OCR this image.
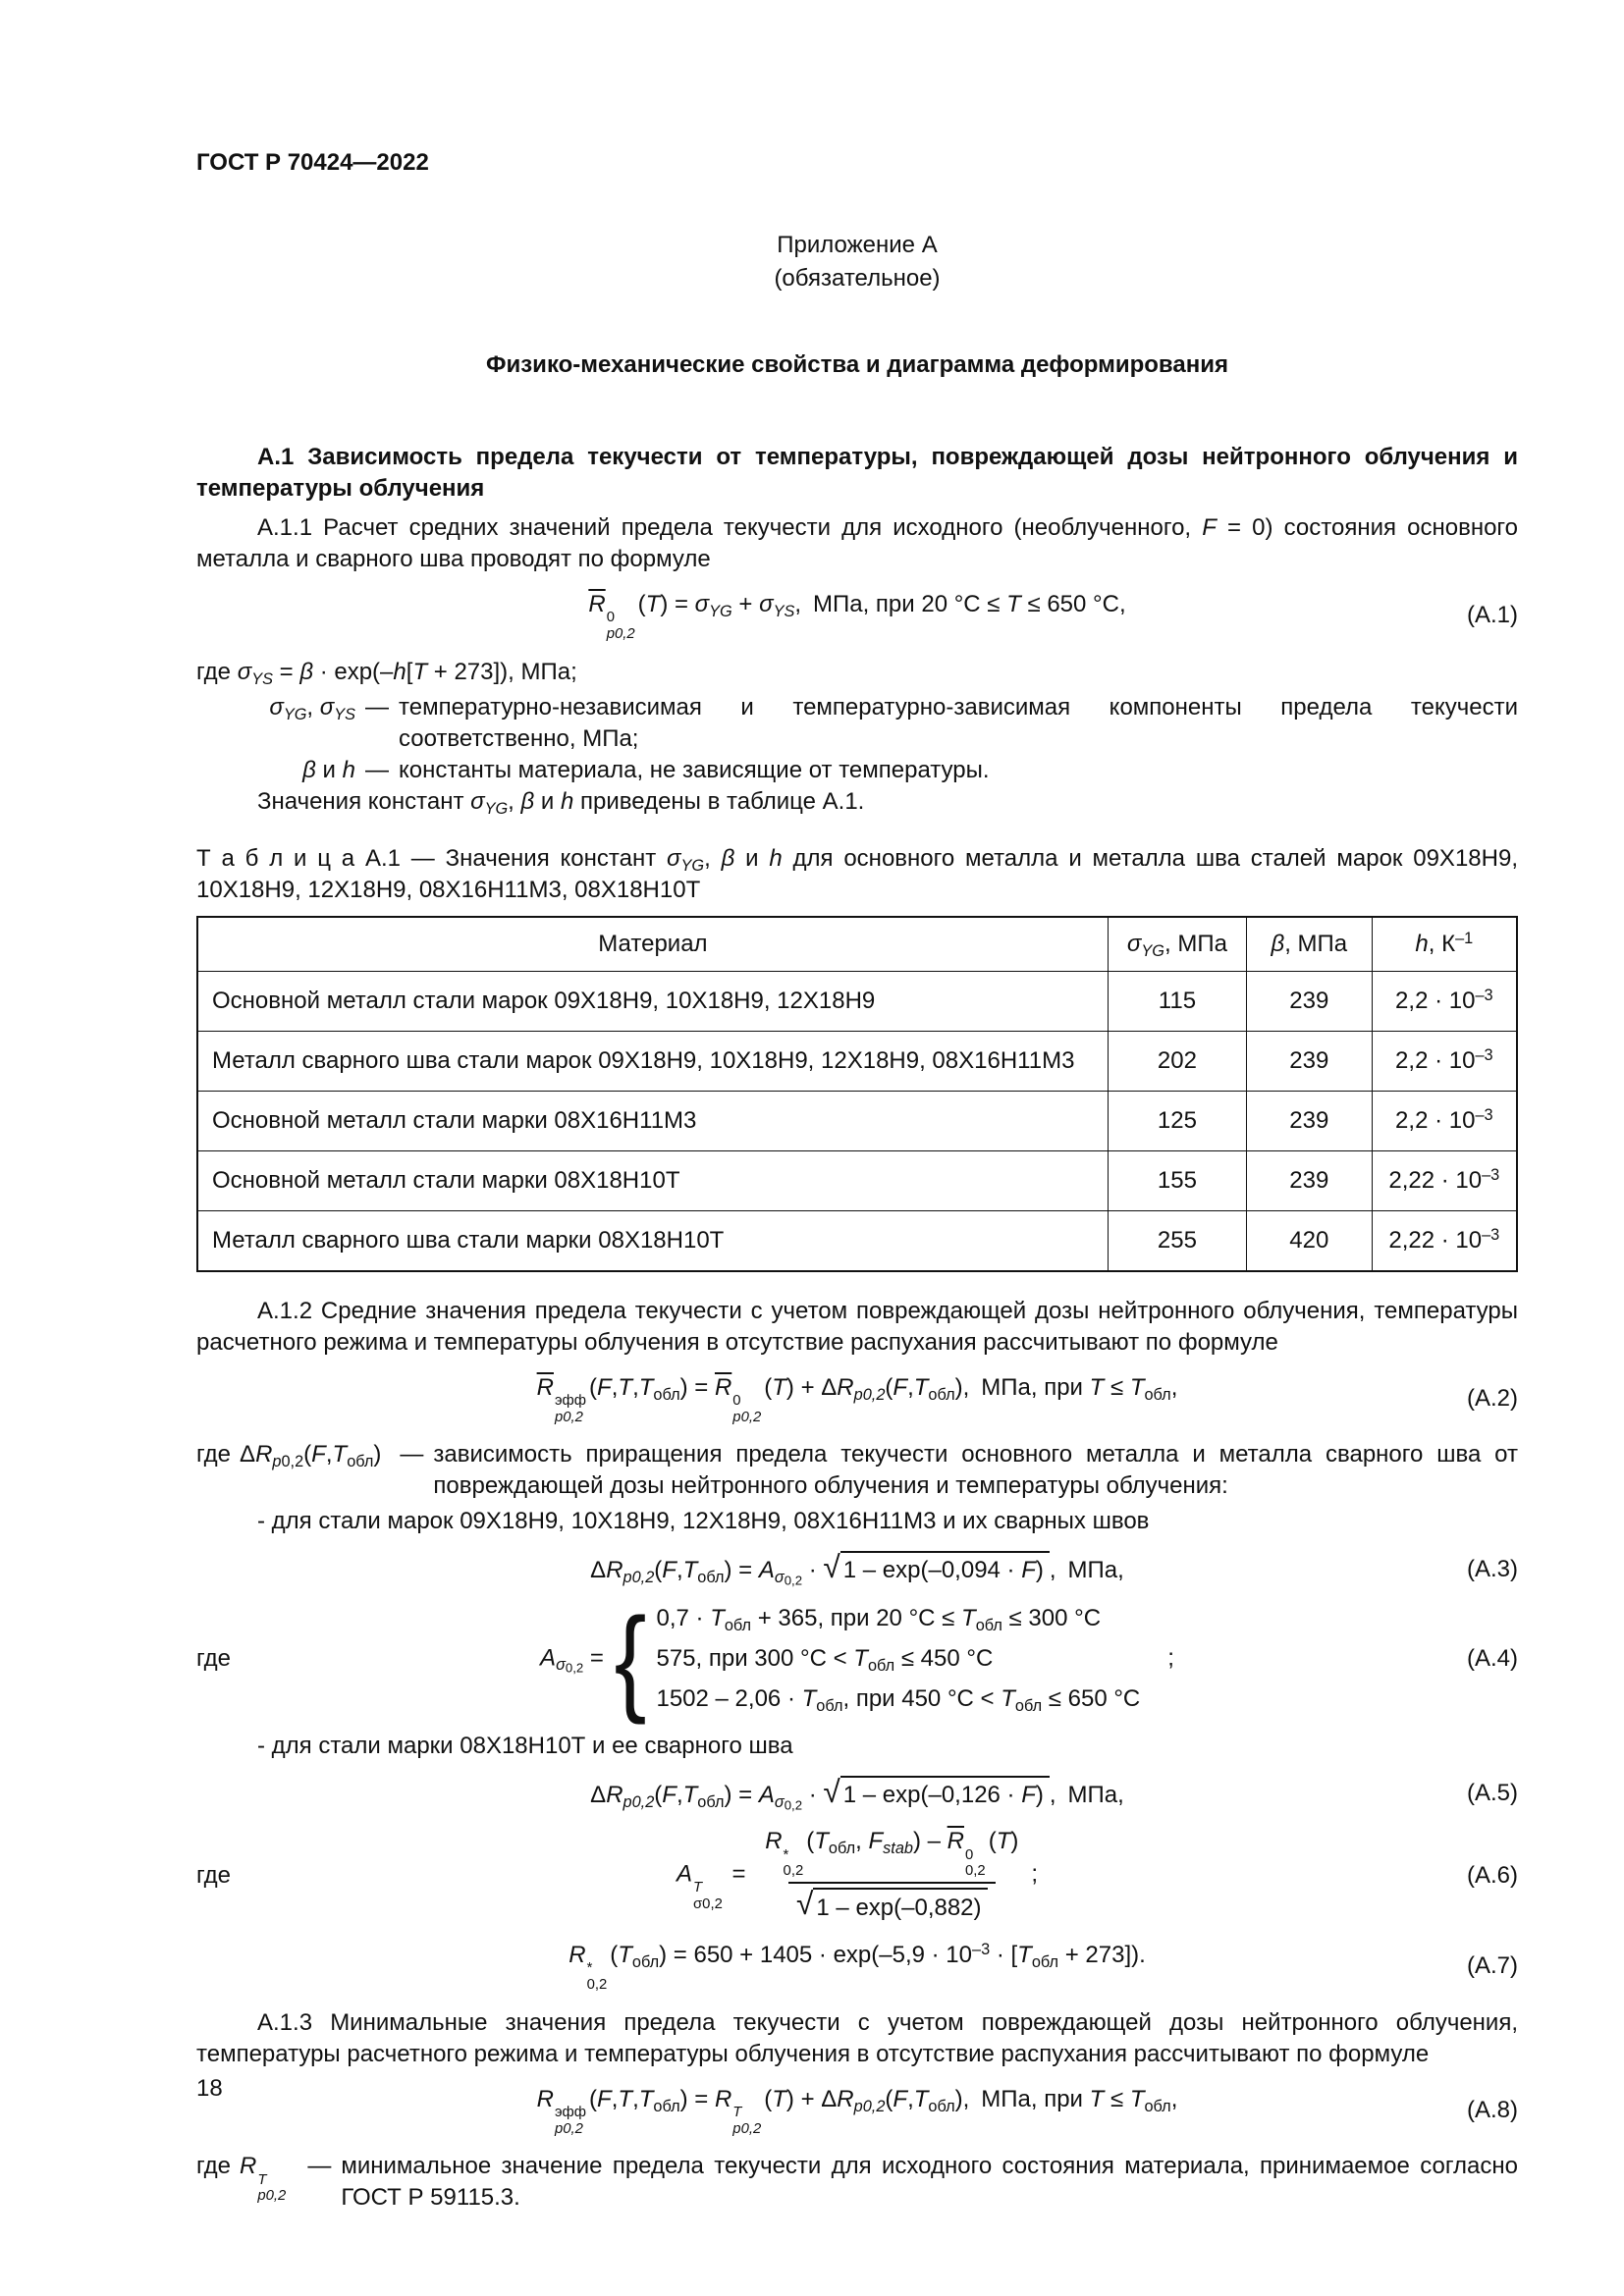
ГОСТ Р 70424—2022
Приложение А
(обязательное)
Физико-механические свойства и диаграмма деформирования
А.1 Зависимость предела текучести от температуры, повреждающей дозы нейтронного облучения и температуры облучения
А.1.1 Расчет средних значений предела текучести для исходного (необлученного, F = 0) состояния основного металла и сварного шва проводят по формуле
$\overline{R}$
0
p0,2
$(T) = \sigma_{YG} + \sigma_{YS}$, МПа, при 20 °C ≤ T ≤ 650 °C,	(А.1)
где $\sigma_{YS} = \beta \cdot \exp(-h[T + 273])$, МПа;
$\sigma_{YG}$, $\sigma_{YS}$ — температурно-независимая и температурно-зависимая компоненты предела текучести соответственно, МПа;
β и h — константы материала, не зависящие от температуры.
Значения констант $\sigma_{YG}$, β и h приведены в таблице А.1.
Т а б л и ц а А.1 — Значения констант $\sigma_{YG}$, β и h для основного металла и металла шва сталей марок 09Х18Н9, 10Х18Н9, 12Х18Н9, 08Х16Н11М3, 08Х18Н10Т
Материал	$\sigma_{YG}$, МПа	β, МПа	h, $К^{-1}$
Основной металл стали марок 09Х18Н9, 10Х18Н9, 12Х18Н9	115	239	$2,2 \cdot 10^{-3}$
Металл сварного шва стали марок 09Х18Н9, 10Х18Н9, 12Х18Н9, 08Х16Н11М3	202	239	$2,2 \cdot 10^{-3}$
Основной металл стали марки 08Х16Н11М3	125	239	$2,2 \cdot 10^{-3}$
Основной металл стали марки 08Х18Н10Т	155	239	$2,22 \cdot 10^{-3}$
Металл сварного шва стали марки 08Х18Н10Т	255	420	$2,22 \cdot 10^{-3}$
А.1.2 Средние значения предела текучести с учетом повреждающей дозы нейтронного облучения, температуры расчетного режима и температуры облучения в отсутствие распухания рассчитывают по формуле
$\overline{R}$
эфф
p0,2
$(F,T,T_{обл}) = \overline{R}$
0
p0,2
$(T) + \Delta R_{p0,2}(F,T_{обл})$, МПа, при $T \le T_{обл}$,	(А.2)
где $\Delta R_{p0,2}(F,T_{обл})$ — зависимость приращения предела текучести основного металла и металла сварного шва от повреждающей дозы нейтронного облучения и температуры облучения:
- для стали марок 09Х18Н9, 10Х18Н9, 12Х18Н9, 08Х16Н11М3 и их сварных швов
$\Delta R_{p0,2}(F,T_{обл}) = A_{\sigma 0,2}$ · √ 1 – exp(–0,094 · F) , МПа,	(А.3)
где	$A_{\sigma 0,2}$ = { $0,7 \cdot T_{обл} + 365$, при 20 $^\circ C \le T_{обл} \le 300$ °C
575, при 300 $^\circ C < T_{обл} \le 450$ °C
$1502 - 2,06 \cdot T_{обл}$, при 450 $^\circ C < T_{обл} \le 650$ °C
 ;	(А.4)
- для стали марки 08Х18Н10Т и ее сварного шва
$\Delta R_{p0,2}(F,T_{обл}) = A_{\sigma 0,2}$ · √ 1 – exp(–0,126 · F) , МПа,	(А.5)
где	A
T
σ0,2
= R
*
0,2
($T_{обл}$, $F_{stab}) - \overline{R}$
0
0,2
(T)
√ 1 – exp(–0,882) ;	(А.6)
R
*
0,2
$(T_{обл}) = 650 + 1405 \cdot \exp(-5,9 \cdot 10^{-3} \cdot [T_{обл} + 273])$.	(А.7)
А.1.3 Минимальные значения предела текучести с учетом повреждающей дозы нейтронного облучения, температуры расчетного режима и температуры облучения в отсутствие распухания рассчитывают по формуле
R
эфф
p0,2
$(F,T,T_{обл}) = R$
T
p0,2
$(T) + \Delta R_{p0,2}(F,T_{обл})$, МПа, при $T \le T_{обл}$,	(А.8)
где R
T
p0,2
— минимальное значение предела текучести для исходного состояния материала, принимаемое согласно ГОСТ Р 59115.3.
18
